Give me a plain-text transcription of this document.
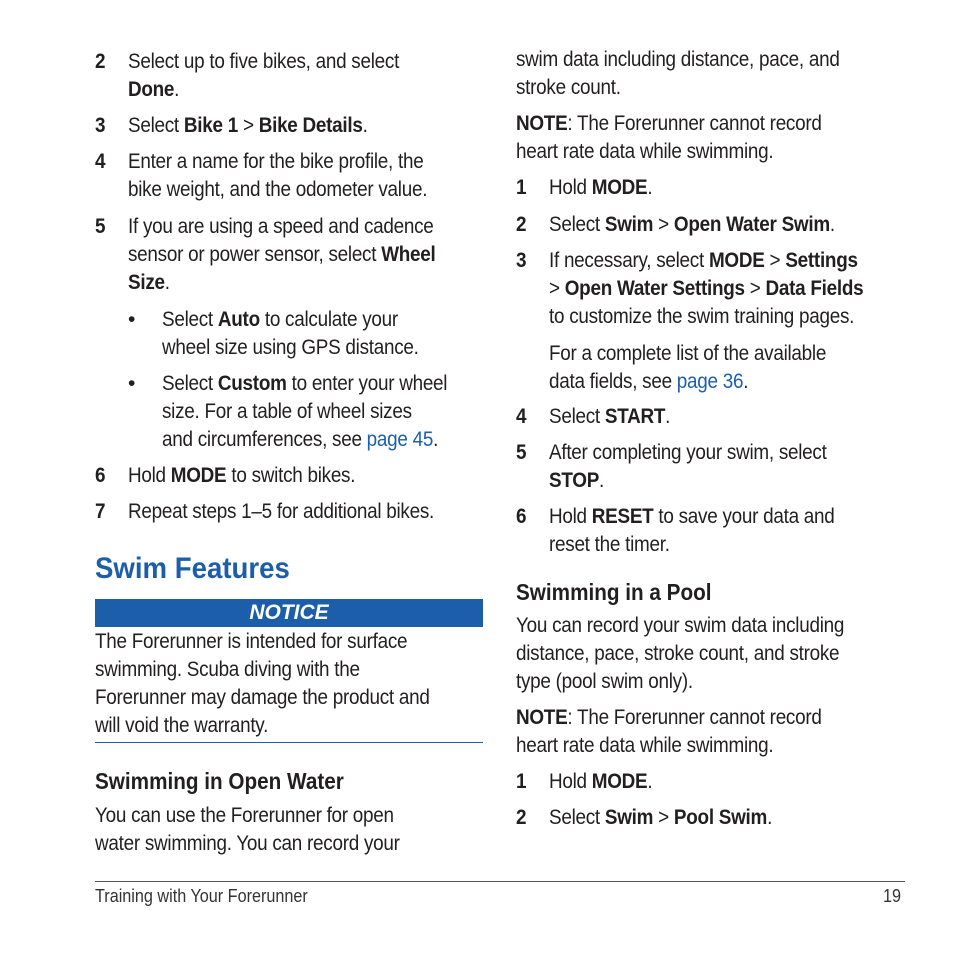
2 Select up to five bikes, and select
Done.
3 Select Bike 1 > Bike Details.
4 Enter a name for the bike profile, the
bike weight, and the odometer value.
5 If you are using a speed and cadence
sensor or power sensor, select Wheel
Size.
• Select Auto to calculate your
wheel size using GPS distance.
• Select Custom to enter your wheel
size. For a table of wheel sizes
and circumferences, see page 45.
6 Hold MODE to switch bikes.
7 Repeat steps 1–5 for additional bikes.
Swim Features
NOTICE
The Forerunner is intended for surface
swimming. Scuba diving with the
Forerunner may damage the product and
will void the warranty.
Swimming in Open Water
You can use the Forerunner for open
water swimming. You can record your
swim data including distance, pace, and
stroke count.
NOTE: The Forerunner cannot record
heart rate data while swimming.
1 Hold MODE.
2 Select Swim > Open Water Swim.
3 If necessary, select MODE > Settings
> Open Water Settings > Data Fields
to customize the swim training pages.
For a complete list of the available
data fields, see page 36.
4 Select START.
5 After completing your swim, select
STOP.
6 Hold RESET to save your data and
reset the timer.
Swimming in a Pool
You can record your swim data including
distance, pace, stroke count, and stroke
type (pool swim only).
NOTE: The Forerunner cannot record
heart rate data while swimming.
1 Hold MODE.
2 Select Swim > Pool Swim.
Training with Your Forerunner	19
